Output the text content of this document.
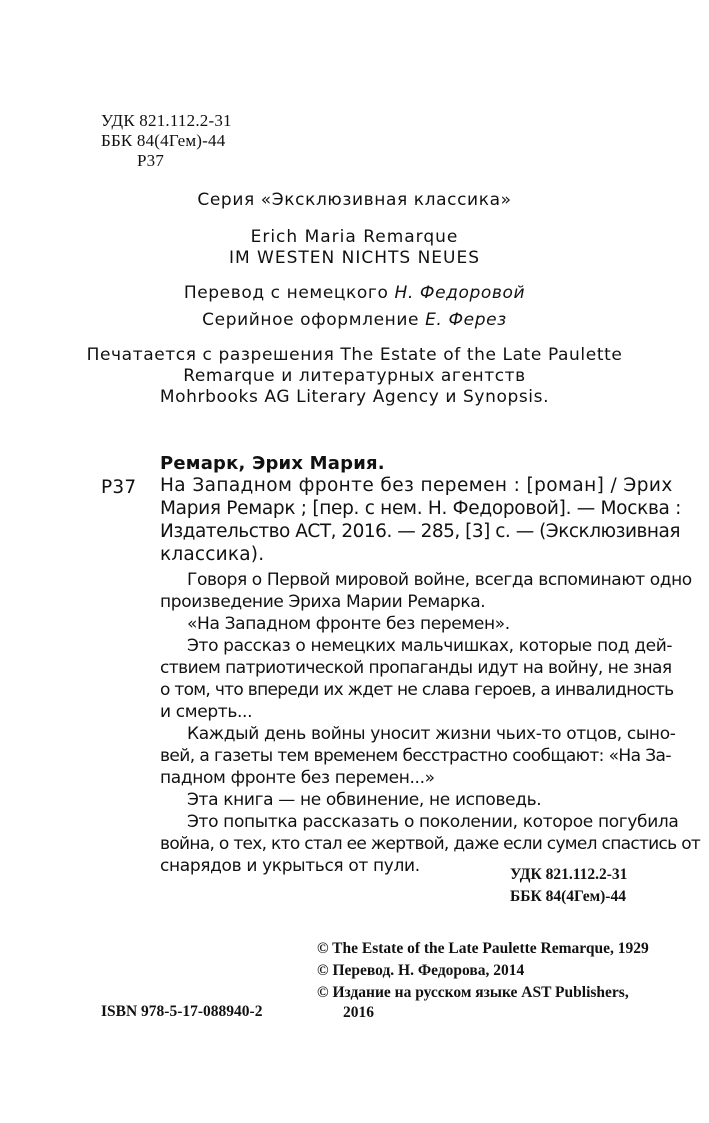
УДК 821.112.2-31
ББК 84(4Гем)-44
Р37
Серия «Эксклюзивная классика»
Erich Maria Remarque
IM WESTEN NICHTS NEUES
Перевод с немецкого Н. Федоровой
Серийное оформление Е. Ферез
Печатается с разрешения The Estate of the Late Paulette
Remarque и литературных агентств
Mohrbooks AG Literary Agency и Synopsis.
Ремарк, Эрих Мария.
Р37 На Западном фронте без перемен : [роман] / Эрих
Мария Ремарк ; [пер. с нем. Н. Федоровой]. — Москва :
Издательство АСТ, 2016. — 285, [3] с. — (Эксклюзивная
классика).
Говоря о Первой мировой войне, всегда вспоминают одно
произведение Эриха Марии Ремарка.
«На Западном фронте без перемен».
Это рассказ о немецких мальчишках, которые под дей-
ствием патриотической пропаганды идут на войну, не зная
о том, что впереди их ждет не слава героев, а инвалидность
и смерть...
Каждый день войны уносит жизни чьих-то отцов, сыно-
вей, а газеты тем временем бесстрастно сообщают: «На За-
падном фронте без перемен...»
Эта книга — не обвинение, не исповедь.
Это попытка рассказать о поколении, которое погубила
война, о тех, кто стал ее жертвой, даже если сумел спастись от
снарядов и укрыться от пули.	УДК 821.112.2-31
ББК 84(4Гем)-44
ISBN 978-5-17-088940-2
© The Estate of the Late Paulette Remarque, 1929
© Перевод. Н. Федорова, 2014
© Издание на русском языке AST Publishers,
2016
